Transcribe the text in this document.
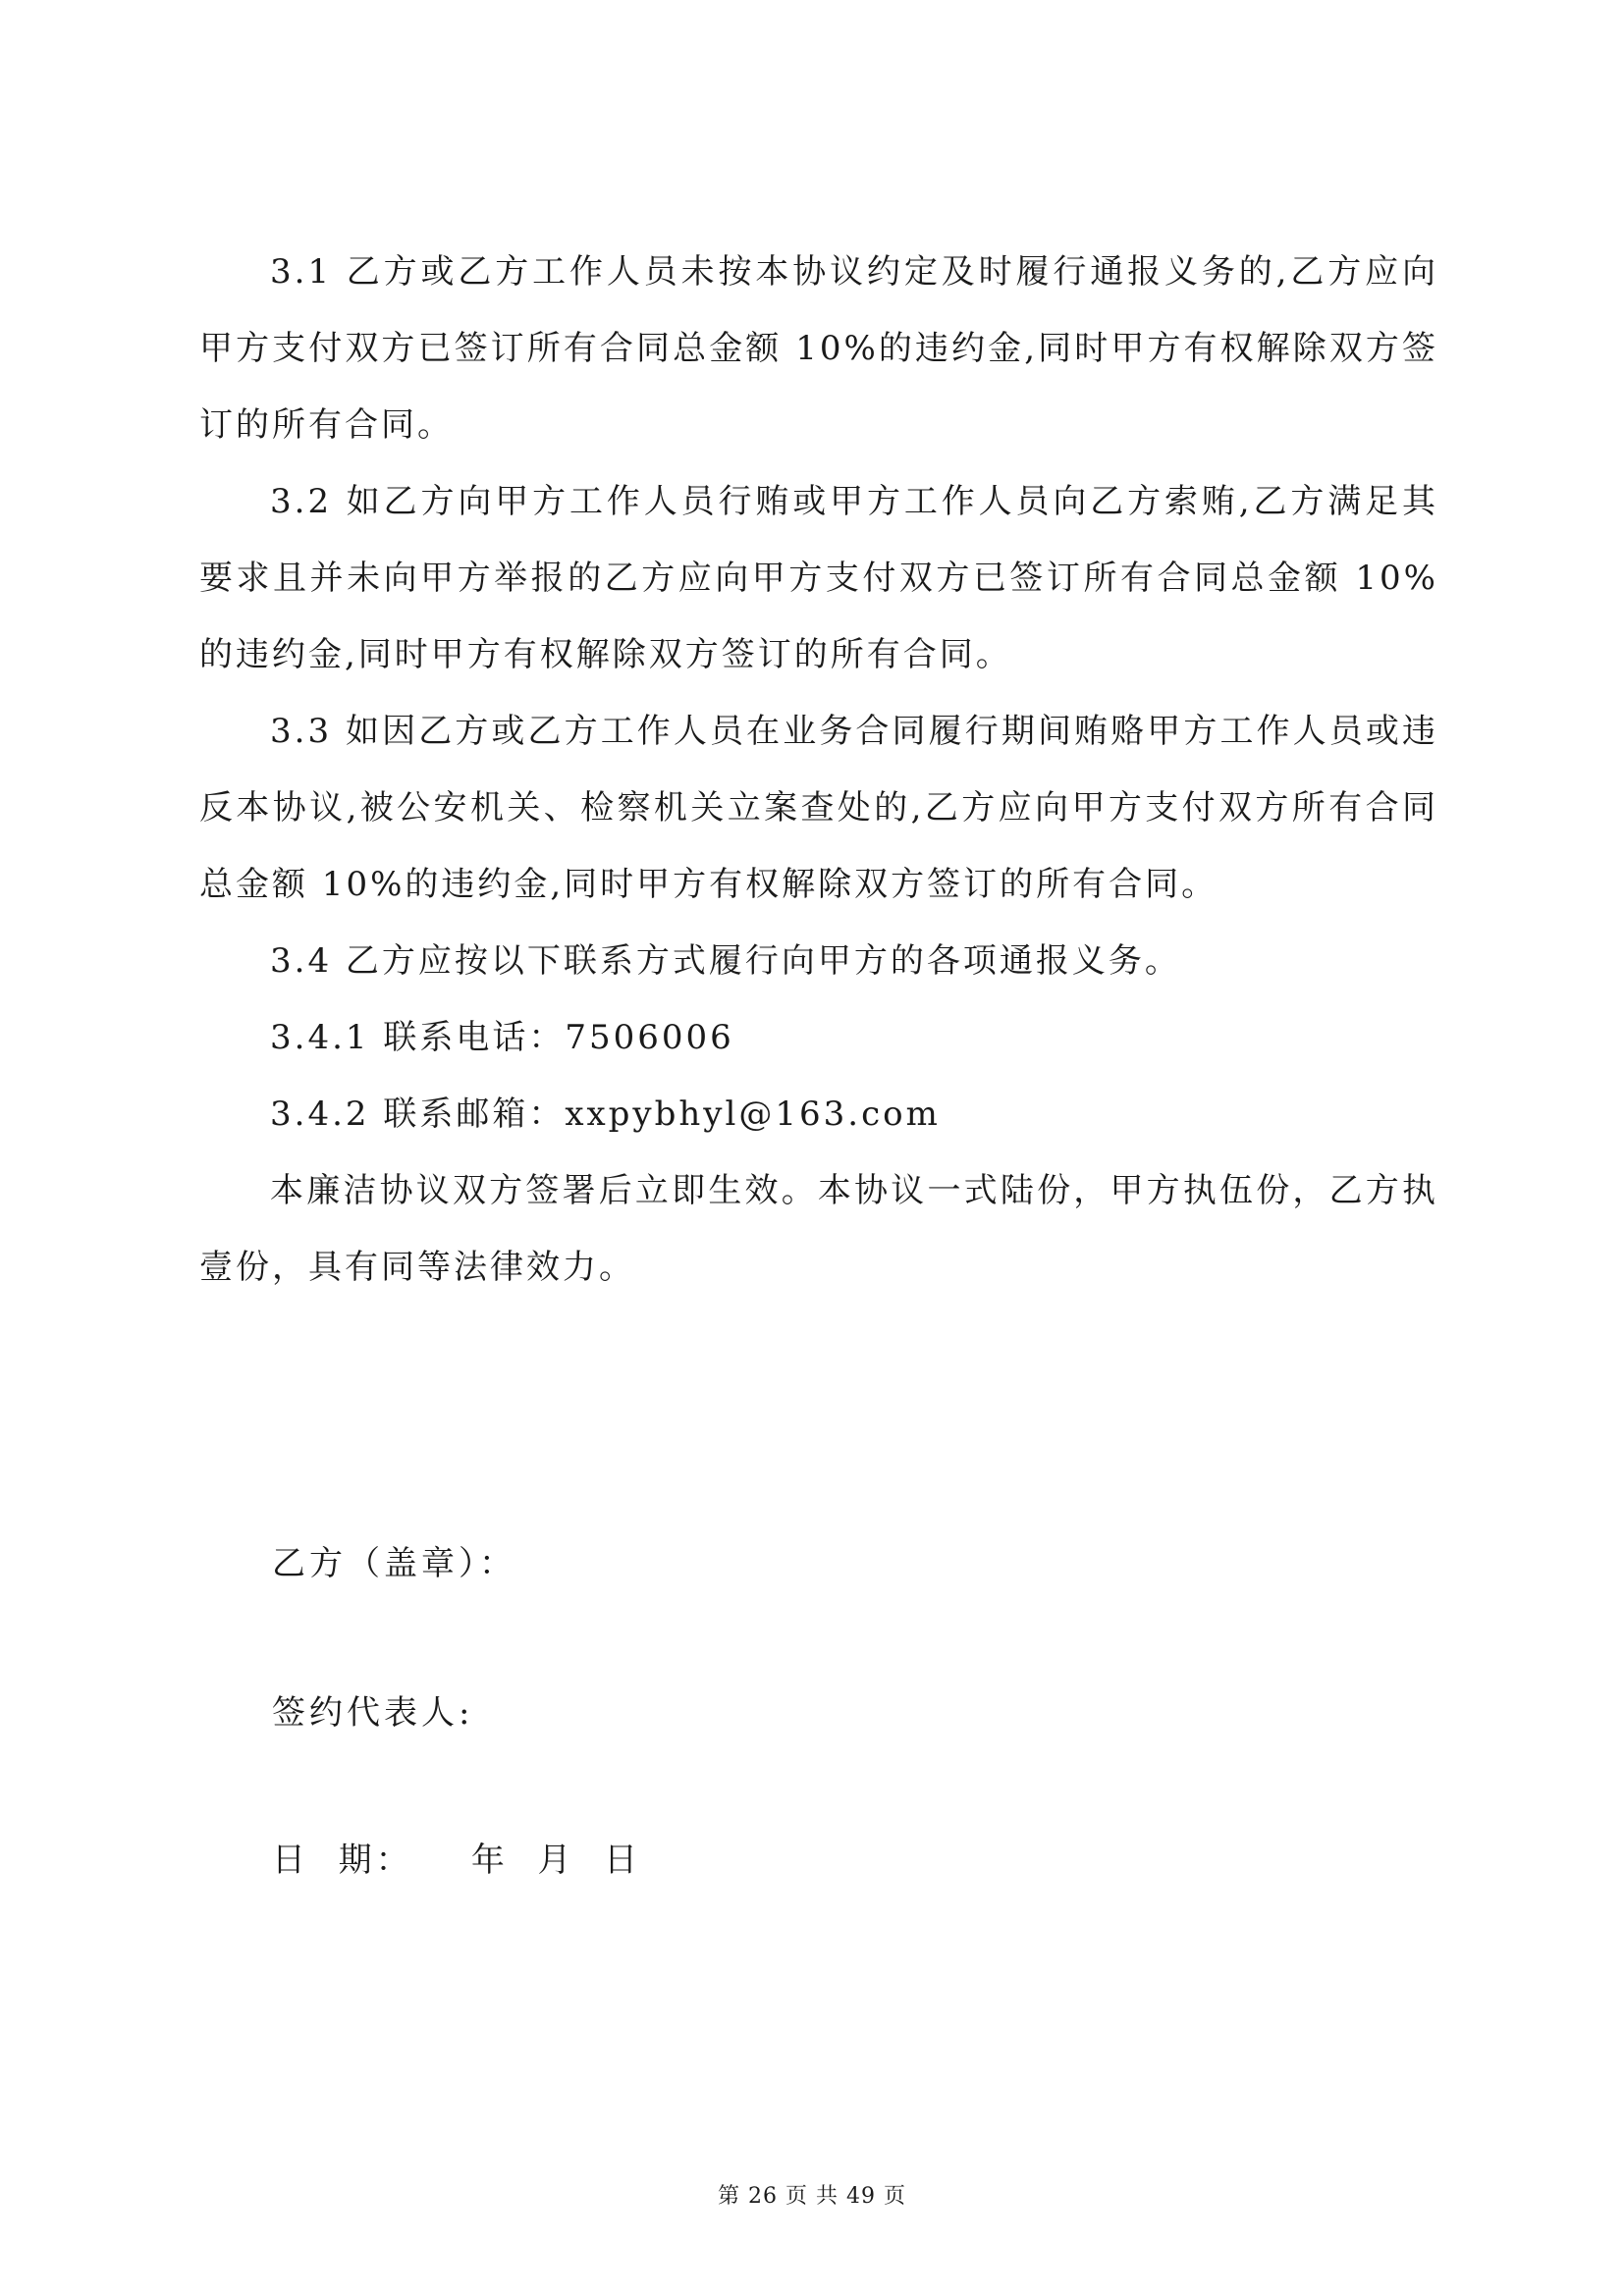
3.1 乙方或乙方工作人员未按本协议约定及时履行通报义务的,乙方应向甲方支付双方已签订所有合同总金额 10%的违约金,同时甲方有权解除双方签订的所有合同。

3.2 如乙方向甲方工作人员行贿或甲方工作人员向乙方索贿,乙方满足其要求且并未向甲方举报的乙方应向甲方支付双方已签订所有合同总金额 10%的违约金,同时甲方有权解除双方签订的所有合同。

3.3 如因乙方或乙方工作人员在业务合同履行期间贿赂甲方工作人员或违反本协议,被公安机关、检察机关立案查处的,乙方应向甲方支付双方所有合同总金额 10%的违约金,同时甲方有权解除双方签订的所有合同。

3.4 乙方应按以下联系方式履行向甲方的各项通报义务。

3.4.1 联系电话：7506006

3.4.2 联系邮箱：xxpybhyl@163.com

本廉洁协议双方签署后立即生效。本协议一式陆份，甲方执伍份，乙方执壹份，具有同等法律效力。

乙方（盖章）：
签约代表人:
日  期：    年  月  日
第 26 页 共 49 页
